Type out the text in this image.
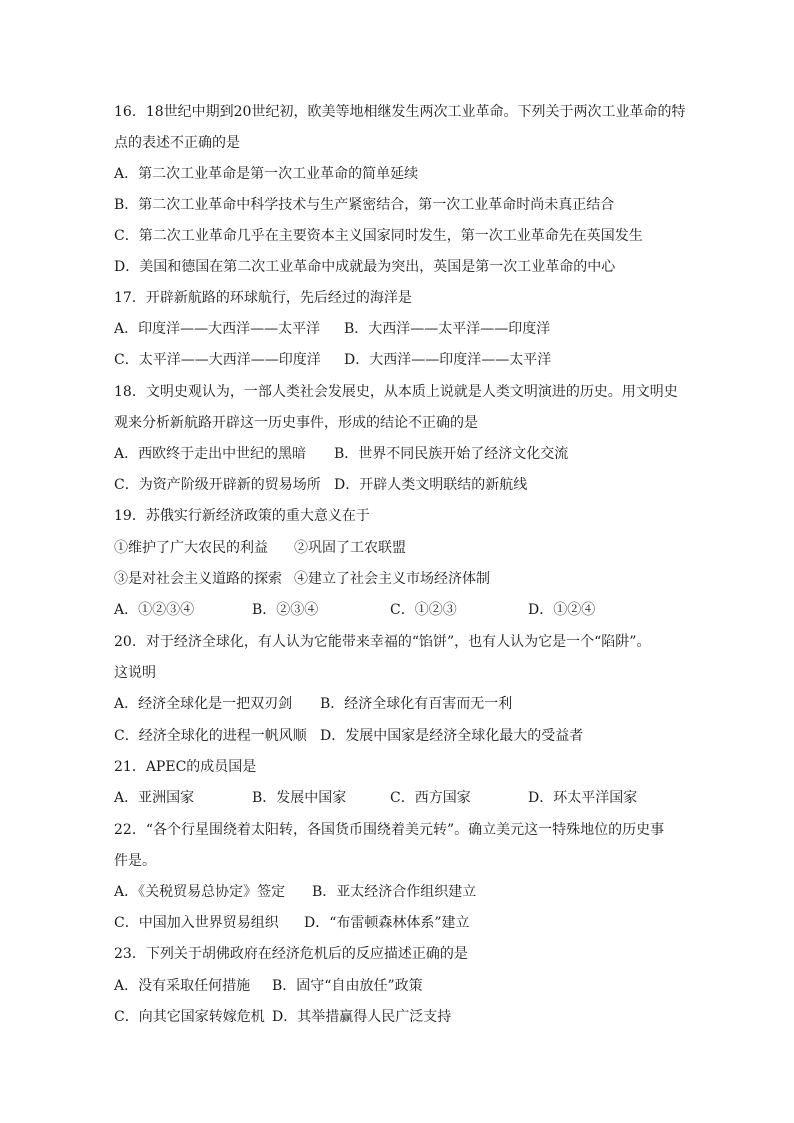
16．18世纪中期到20世纪初，欧美等地相继发生两次工业革命。下列关于两次工业革命的特
点的表述不正确的是
A．第二次工业革命是第一次工业革命的简单延续
B．第二次工业革命中科学技术与生产紧密结合，第一次工业革命时尚未真正结合
C．第二次工业革命几乎在主要资本主义国家同时发生，第一次工业革命先在英国发生
D．美国和德国在第二次工业革命中成就最为突出，英国是第一次工业革命的中心
17．开辟新航路的环球航行，先后经过的海洋是
A．印度洋——大西洋——太平洋 B．大西洋——太平洋——印度洋
C．太平洋——大西洋——印度洋 D．大西洋——印度洋——太平洋
18．文明史观认为，一部人类社会发展史，从本质上说就是人类文明演进的历史。用文明史
观来分析新航路开辟这一历史事件，形成的结论不正确的是
A．西欧终于走出中世纪的黑暗 B．世界不同民族开始了经济文化交流
C．为资产阶级开辟新的贸易场所 D．开辟人类文明联结的新航线
19．苏俄实行新经济政策的重大意义在于
①维护了广大农民的利益 ②巩固了工农联盟
③是对社会主义道路的探索 ④建立了社会主义市场经济体制
A．①②③④	B．②③④	C．①②③	D．①②④
20．对于经济全球化，有人认为它能带来幸福的“馅饼”，也有人认为它是一个“陷阱”。
这说明
A．经济全球化是一把双刃剑 B．经济全球化有百害而无一利
C．经济全球化的进程一帆风顺 D．发展中国家是经济全球化最大的受益者
21．APEC的成员国是
A．亚洲国家	B．发展中国家	C．西方国家	D．环太平洋国家
22．“各个行星围绕着太阳转，各国货币围绕着美元转”。确立美元这一特殊地位的历史事
件是。
A．《关税贸易总协定》签定 B．亚太经济合作组织建立
C．中国加入世界贸易组织 D．“布雷顿森林体系”建立
23．下列关于胡佛政府在经济危机后的反应描述正确的是
A．没有采取任何措施 B．固守“自由放任”政策
C．向其它国家转嫁危机 D．其举措赢得人民广泛支持
